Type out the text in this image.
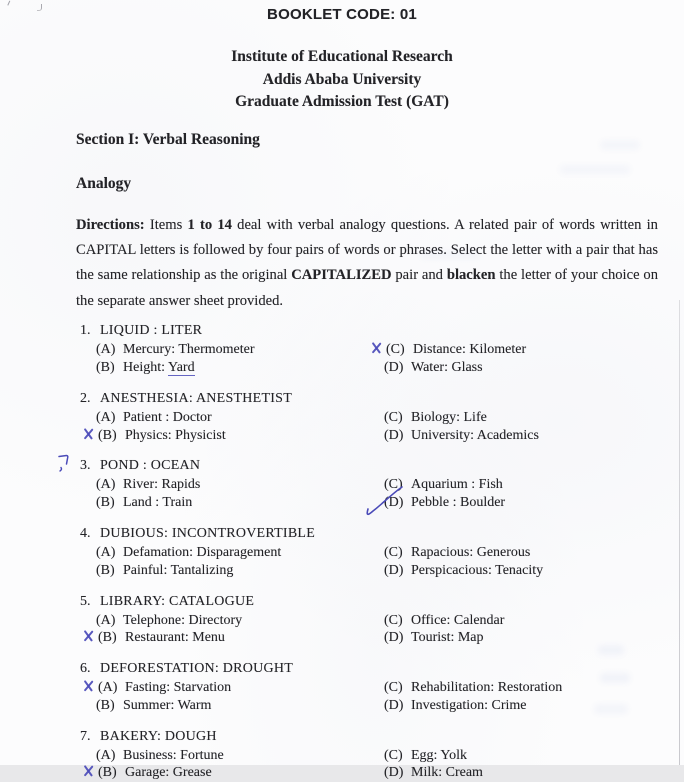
BOOKLET CODE: 01
Institute of Educational Research
Addis Ababa University
Graduate Admission Test (GAT)
Section I: Verbal Reasoning
Analogy

Directions: Items 1 to 14 deal with verbal analogy questions. A related pair of words written in CAPITAL letters is followed by four pairs of words or phrases. Select the letter with a pair that has the same relationship as the original CAPITALIZED pair and blacken the letter of your choice on the separate answer sheet provided.

1. LIQUID : LITER
(A) Mercury: Thermometer
(B) Height: Yard
(C) Distance: Kilometer
(D) Water: Glass
2. ANESTHESIA: ANESTHETIST
(A) Patient : Doctor
(B) Physics: Physicist
(C) Biology: Life
(D) University: Academics
3. POND : OCEAN
(A) River: Rapids
(B) Land : Train
(C) Aquarium : Fish
(D) Pebble : Boulder
4. DUBIOUS: INCONTROVERTIBLE
(A) Defamation: Disparagement
(B) Painful: Tantalizing
(C) Rapacious: Generous
(D) Perspicacious: Tenacity
5. LIBRARY: CATALOGUE
(A) Telephone: Directory
(B) Restaurant: Menu
(C) Office: Calendar
(D) Tourist: Map
6. DEFORESTATION: DROUGHT
(A) Fasting: Starvation
(B) Summer: Warm
(C) Rehabilitation: Restoration
(D) Investigation: Crime
7. BAKERY: DOUGH
(A) Business: Fortune
(B) Garage: Grease
(C) Egg: Yolk
(D) Milk: Cream
